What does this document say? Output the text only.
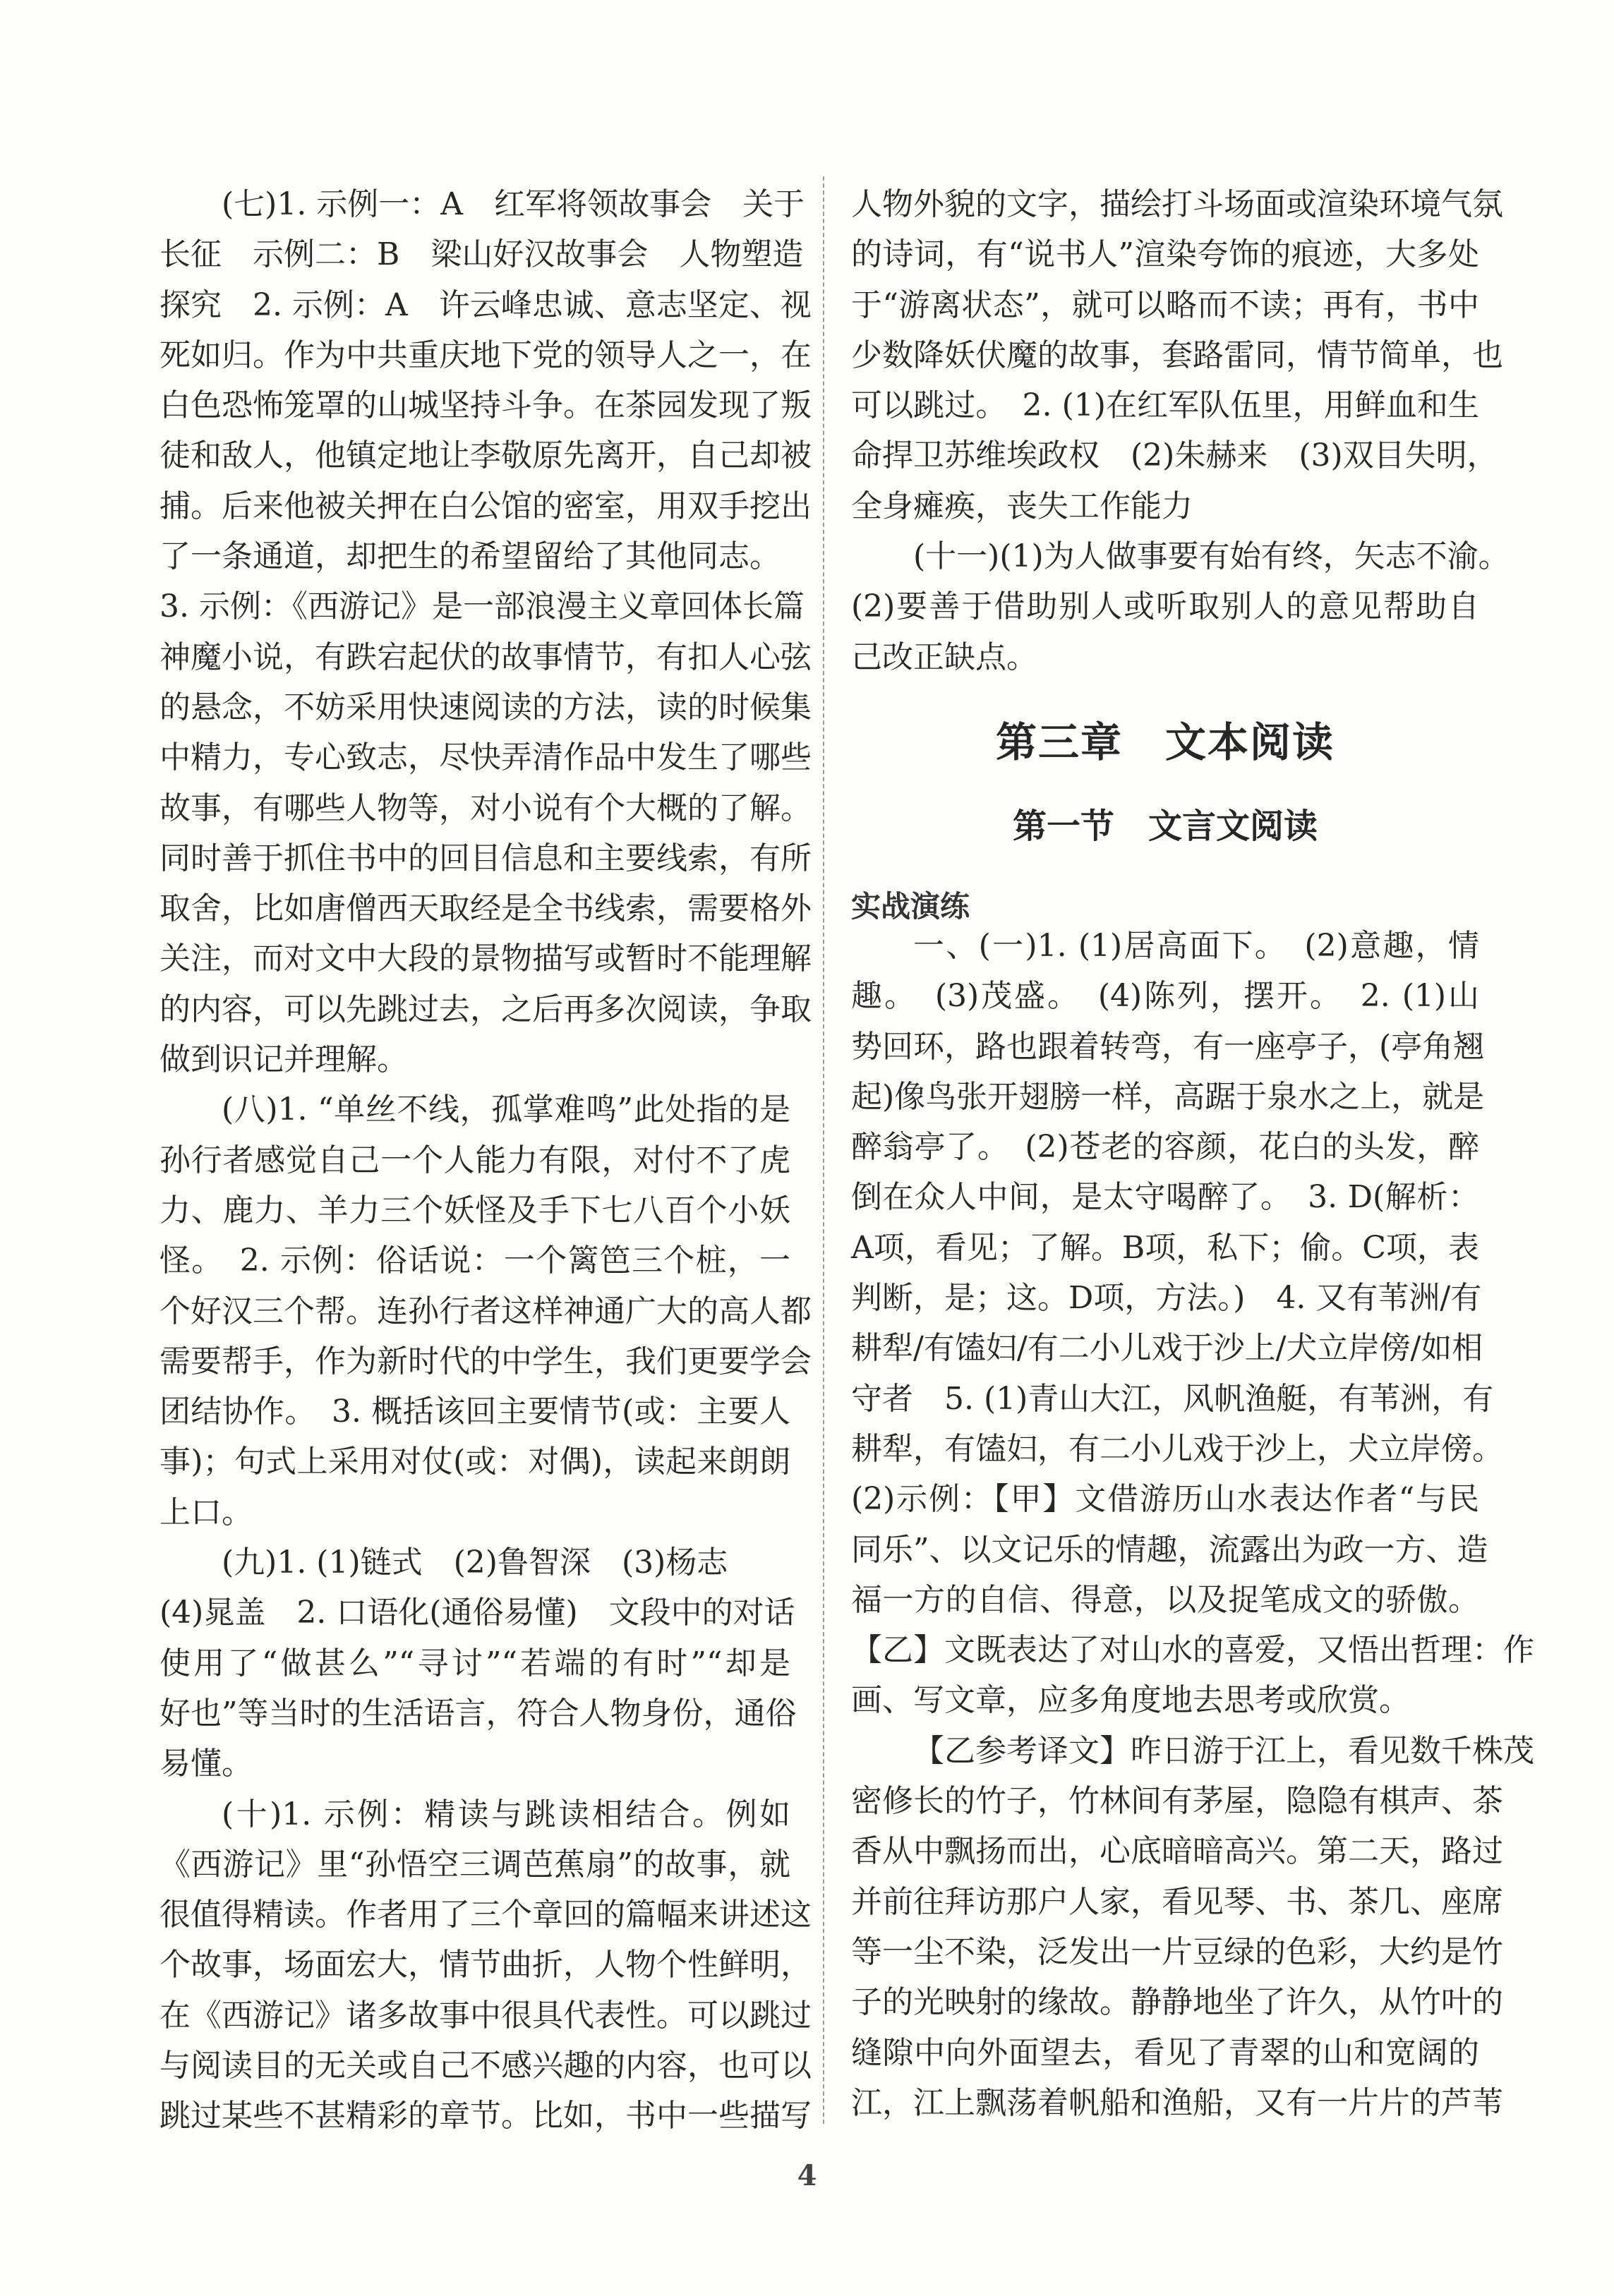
(七)1. 示例一：A　红军将领故事会　关于
长征　示例二：B　梁山好汉故事会　人物塑造
探究　2. 示例：A　许云峰忠诚、意志坚定、视
死如归。作为中共重庆地下党的领导人之一，在
白色恐怖笼罩的山城坚持斗争。在茶园发现了叛
徒和敌人，他镇定地让李敬原先离开，自己却被
捕。后来他被关押在白公馆的密室，用双手挖出
了一条通道，却把生的希望留给了其他同志。
3. 示例：《西游记》是一部浪漫主义章回体长篇
神魔小说，有跌宕起伏的故事情节，有扣人心弦
的悬念，不妨采用快速阅读的方法，读的时候集
中精力，专心致志，尽快弄清作品中发生了哪些
故事，有哪些人物等，对小说有个大概的了解。
同时善于抓住书中的回目信息和主要线索，有所
取舍，比如唐僧西天取经是全书线索，需要格外
关注，而对文中大段的景物描写或暂时不能理解
的内容，可以先跳过去，之后再多次阅读，争取
做到识记并理解。
(八)1. “单丝不线，孤掌难鸣”此处指的是
孙行者感觉自己一个人能力有限，对付不了虎
力、鹿力、羊力三个妖怪及手下七八百个小妖
怪。　2. 示例：俗话说：一个篱笆三个桩，一
个好汉三个帮。连孙行者这样神通广大的高人都
需要帮手，作为新时代的中学生，我们更要学会
团结协作。　3. 概括该回主要情节(或：主要人
事)；句式上采用对仗(或：对偶)，读起来朗朗
上口。
(九)1. (1)链式　(2)鲁智深　(3)杨志
(4)晁盖　2. 口语化(通俗易懂)　文段中的对话
使用了“做甚么”“寻讨”“若端的有时”“却是
好也”等当时的生活语言，符合人物身份，通俗
易懂。
(十)1. 示例：精读与跳读相结合。例如
《西游记》里“孙悟空三调芭蕉扇”的故事，就
很值得精读。作者用了三个章回的篇幅来讲述这
个故事，场面宏大，情节曲折，人物个性鲜明，
在《西游记》诸多故事中很具代表性。可以跳过
与阅读目的无关或自己不感兴趣的内容，也可以
跳过某些不甚精彩的章节。比如，书中一些描写
人物外貌的文字，描绘打斗场面或渲染环境气氛
的诗词，有“说书人”渲染夸饰的痕迹，大多处
于“游离状态”，就可以略而不读；再有，书中
少数降妖伏魔的故事，套路雷同，情节简单，也
可以跳过。　2. (1)在红军队伍里，用鲜血和生
命捍卫苏维埃政权　(2)朱赫来　(3)双目失明，
全身瘫痪，丧失工作能力
(十一)(1)为人做事要有始有终，矢志不渝。
(2)要善于借助别人或听取别人的意见帮助自
己改正缺点。
第三章　文本阅读
第一节　文言文阅读
实战演练
一、(一)1. (1)居高面下。　(2)意趣，情
趣。　(3)茂盛。　(4)陈列，摆开。　2. (1)山
势回环，路也跟着转弯，有一座亭子，(亭角翘
起)像鸟张开翅膀一样，高踞于泉水之上，就是
醉翁亭了。　(2)苍老的容颜，花白的头发，醉
倒在众人中间，是太守喝醉了。　3. D(解析：
A项，看见；了解。B项，私下；偷。C项，表
判断，是；这。D项，方法。)　4. 又有苇洲/有
耕犁/有馌妇/有二小儿戏于沙上/犬立岸傍/如相
守者　5. (1)青山大江，风帆渔艇，有苇洲，有
耕犁，有馌妇，有二小儿戏于沙上，犬立岸傍。
(2)示例：【甲】文借游历山水表达作者“与民
同乐”、以文记乐的情趣，流露出为政一方、造
福一方的自信、得意，以及捉笔成文的骄傲。
【乙】文既表达了对山水的喜爱，又悟出哲理：作
画、写文章，应多角度地去思考或欣赏。
【乙参考译文】昨日游于江上，看见数千株茂
密修长的竹子，竹林间有茅屋，隐隐有棋声、茶
香从中飘扬而出，心底暗暗高兴。第二天，路过
并前往拜访那户人家，看见琴、书、茶几、座席
等一尘不染，泛发出一片豆绿的色彩，大约是竹
子的光映射的缘故。静静地坐了许久，从竹叶的
缝隙中向外面望去，看见了青翠的山和宽阔的
江，江上飘荡着帆船和渔船，又有一片片的芦苇
4
